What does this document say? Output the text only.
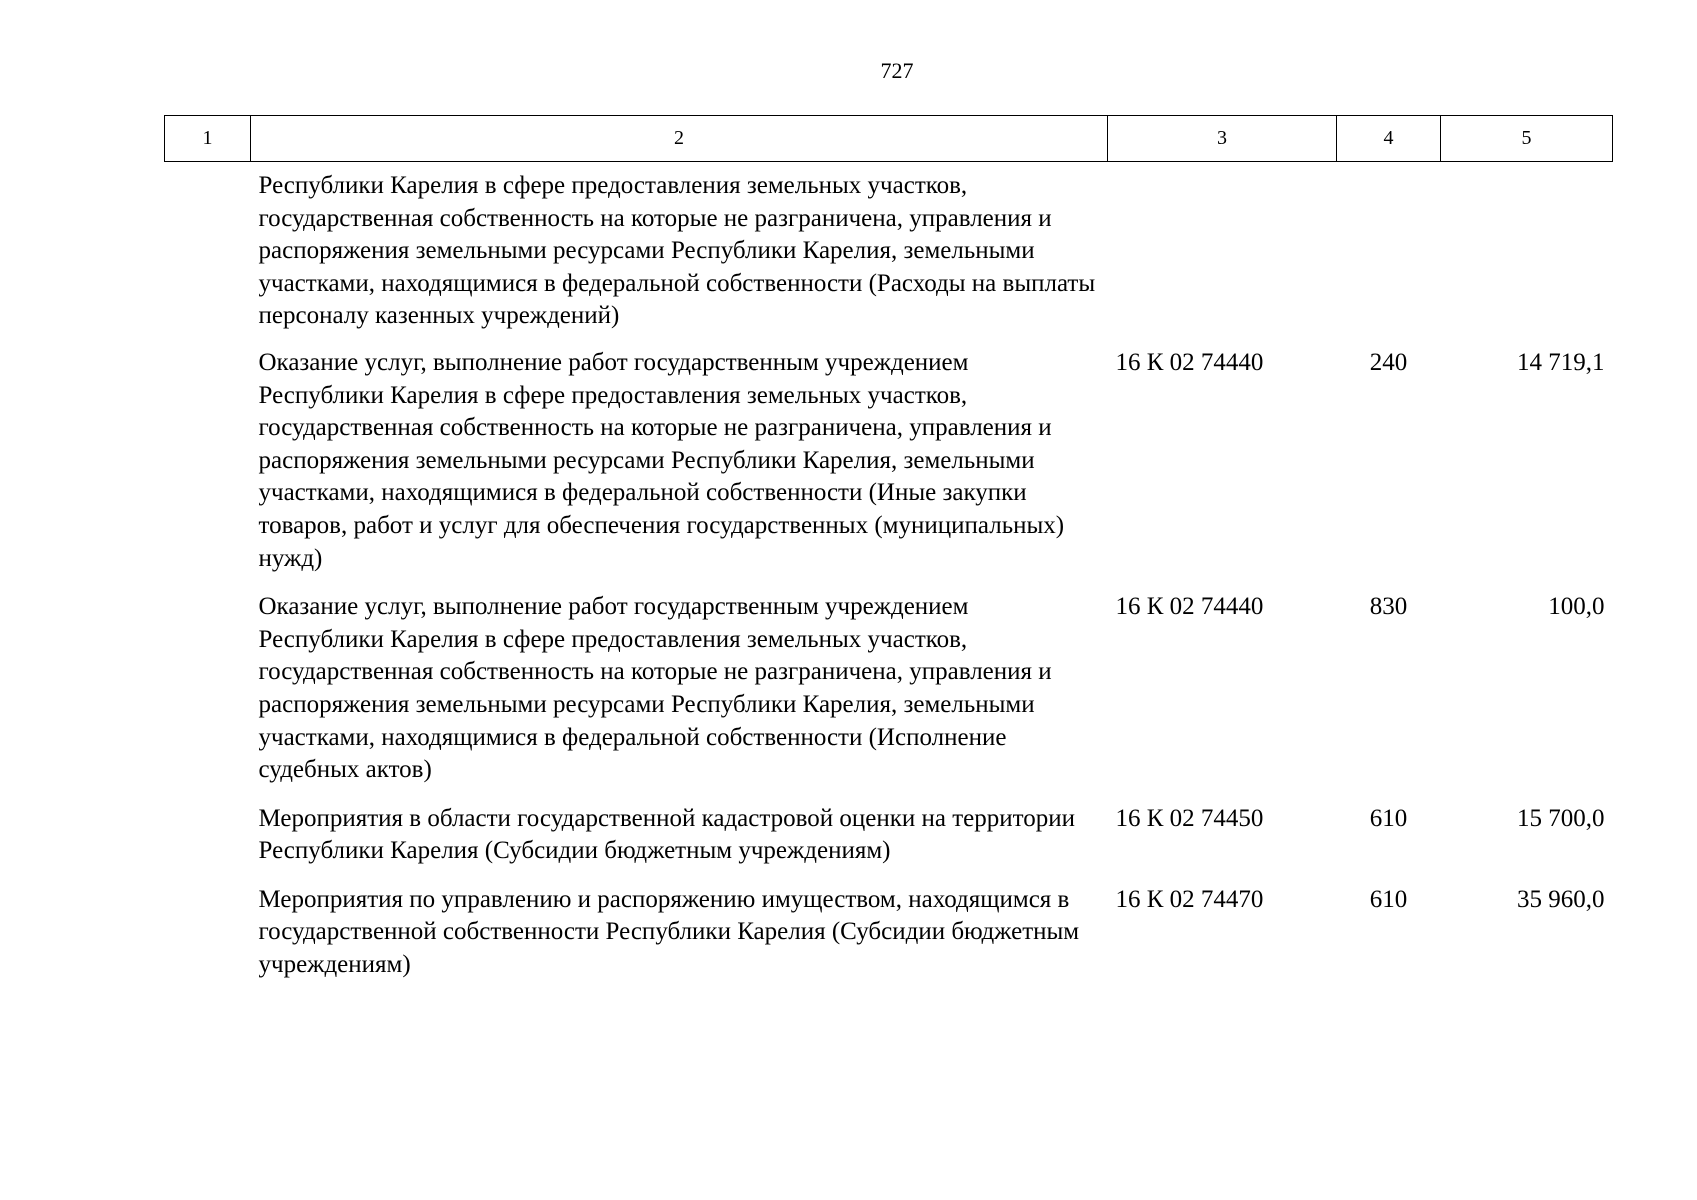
727
1	2	3	4	5
	Республики Карелия в сфере предоставления земельных участков, государственная собственность на которые не разграничена, управления и распоряжения земельными ресурсами Республики Карелия, земельными участками, находящимися в федеральной собственности (Расходы на выплаты персоналу казенных учреждений)			
	Оказание услуг, выполнение работ государственным учреждением Республики Карелия в сфере предоставления земельных участков, государственная собственность на которые не разграничена, управления и распоряжения земельными ресурсами Республики Карелия, земельными участками, находящимися в федеральной собственности (Иные закупки товаров, работ и услуг для обеспечения государственных (муниципальных) нужд)	16 К 02 74440	240	14 719,1
	Оказание услуг, выполнение работ государственным учреждением Республики Карелия в сфере предоставления земельных участков, государственная собственность на которые не разграничена, управления и распоряжения земельными ресурсами Республики Карелия, земельными участками, находящимися в федеральной собственности (Исполнение судебных актов)	16 К 02 74440	830	100,0
	Мероприятия в области государственной кадастровой оценки на территории Республики Карелия (Субсидии бюджетным учреждениям)	16 К 02 74450	610	15 700,0
	Мероприятия по управлению и распоряжению имуществом, находящимся в государственной собственности Республики Карелия (Субсидии бюджетным учреждениям)	16 К 02 74470	610	35 960,0
